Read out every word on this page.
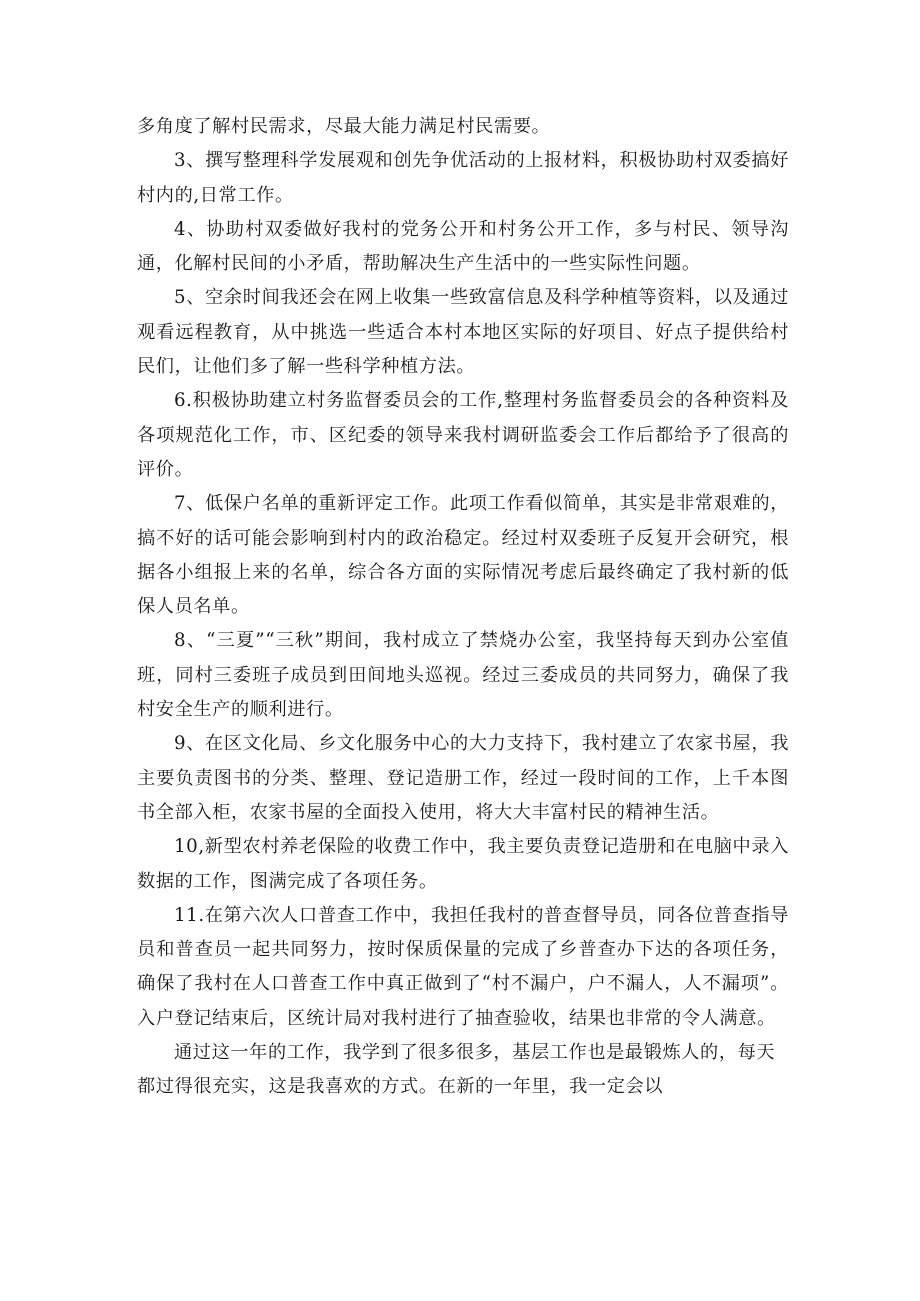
多角度了解村民需求，尽最大能力满足村民需要。

3、撰写整理科学发展观和创先争优活动的上报材料，积极协助村双委搞好村内的,日常工作。

4、协助村双委做好我村的党务公开和村务公开工作，多与村民、领导沟通，化解村民间的小矛盾，帮助解决生产生活中的一些实际性问题。

5、空余时间我还会在网上收集一些致富信息及科学种植等资料，以及通过观看远程教育，从中挑选一些适合本村本地区实际的好项目、好点子提供给村民们，让他们多了解一些科学种植方法。

6.积极协助建立村务监督委员会的工作,整理村务监督委员会的各种资料及各项规范化工作，市、区纪委的领导来我村调研监委会工作后都给予了很高的评价。

7、低保户名单的重新评定工作。此项工作看似简单，其实是非常艰难的，搞不好的话可能会影响到村内的政治稳定。经过村双委班子反复开会研究，根据各小组报上来的名单，综合各方面的实际情况考虑后最终确定了我村新的低保人员名单。

8、“三夏”“三秋”期间，我村成立了禁烧办公室，我坚持每天到办公室值班，同村三委班子成员到田间地头巡视。经过三委成员的共同努力，确保了我村安全生产的顺利进行。

9、在区文化局、乡文化服务中心的大力支持下，我村建立了农家书屋，我主要负责图书的分类、整理、登记造册工作，经过一段时间的工作，上千本图书全部入柜，农家书屋的全面投入使用，将大大丰富村民的精神生活。

10,新型农村养老保险的收费工作中，我主要负责登记造册和在电脑中录入数据的工作，图满完成了各项任务。

11.在第六次人口普查工作中，我担任我村的普查督导员，同各位普查指导员和普查员一起共同努力，按时保质保量的完成了乡普查办下达的各项任务，确保了我村在人口普查工作中真正做到了“村不漏户，户不漏人，人不漏项”。入户登记结束后，区统计局对我村进行了抽查验收，结果也非常的令人满意。

通过这一年的工作，我学到了很多很多，基层工作也是最锻炼人的，每天都过得很充实，这是我喜欢的方式。在新的一年里，我一定会以
